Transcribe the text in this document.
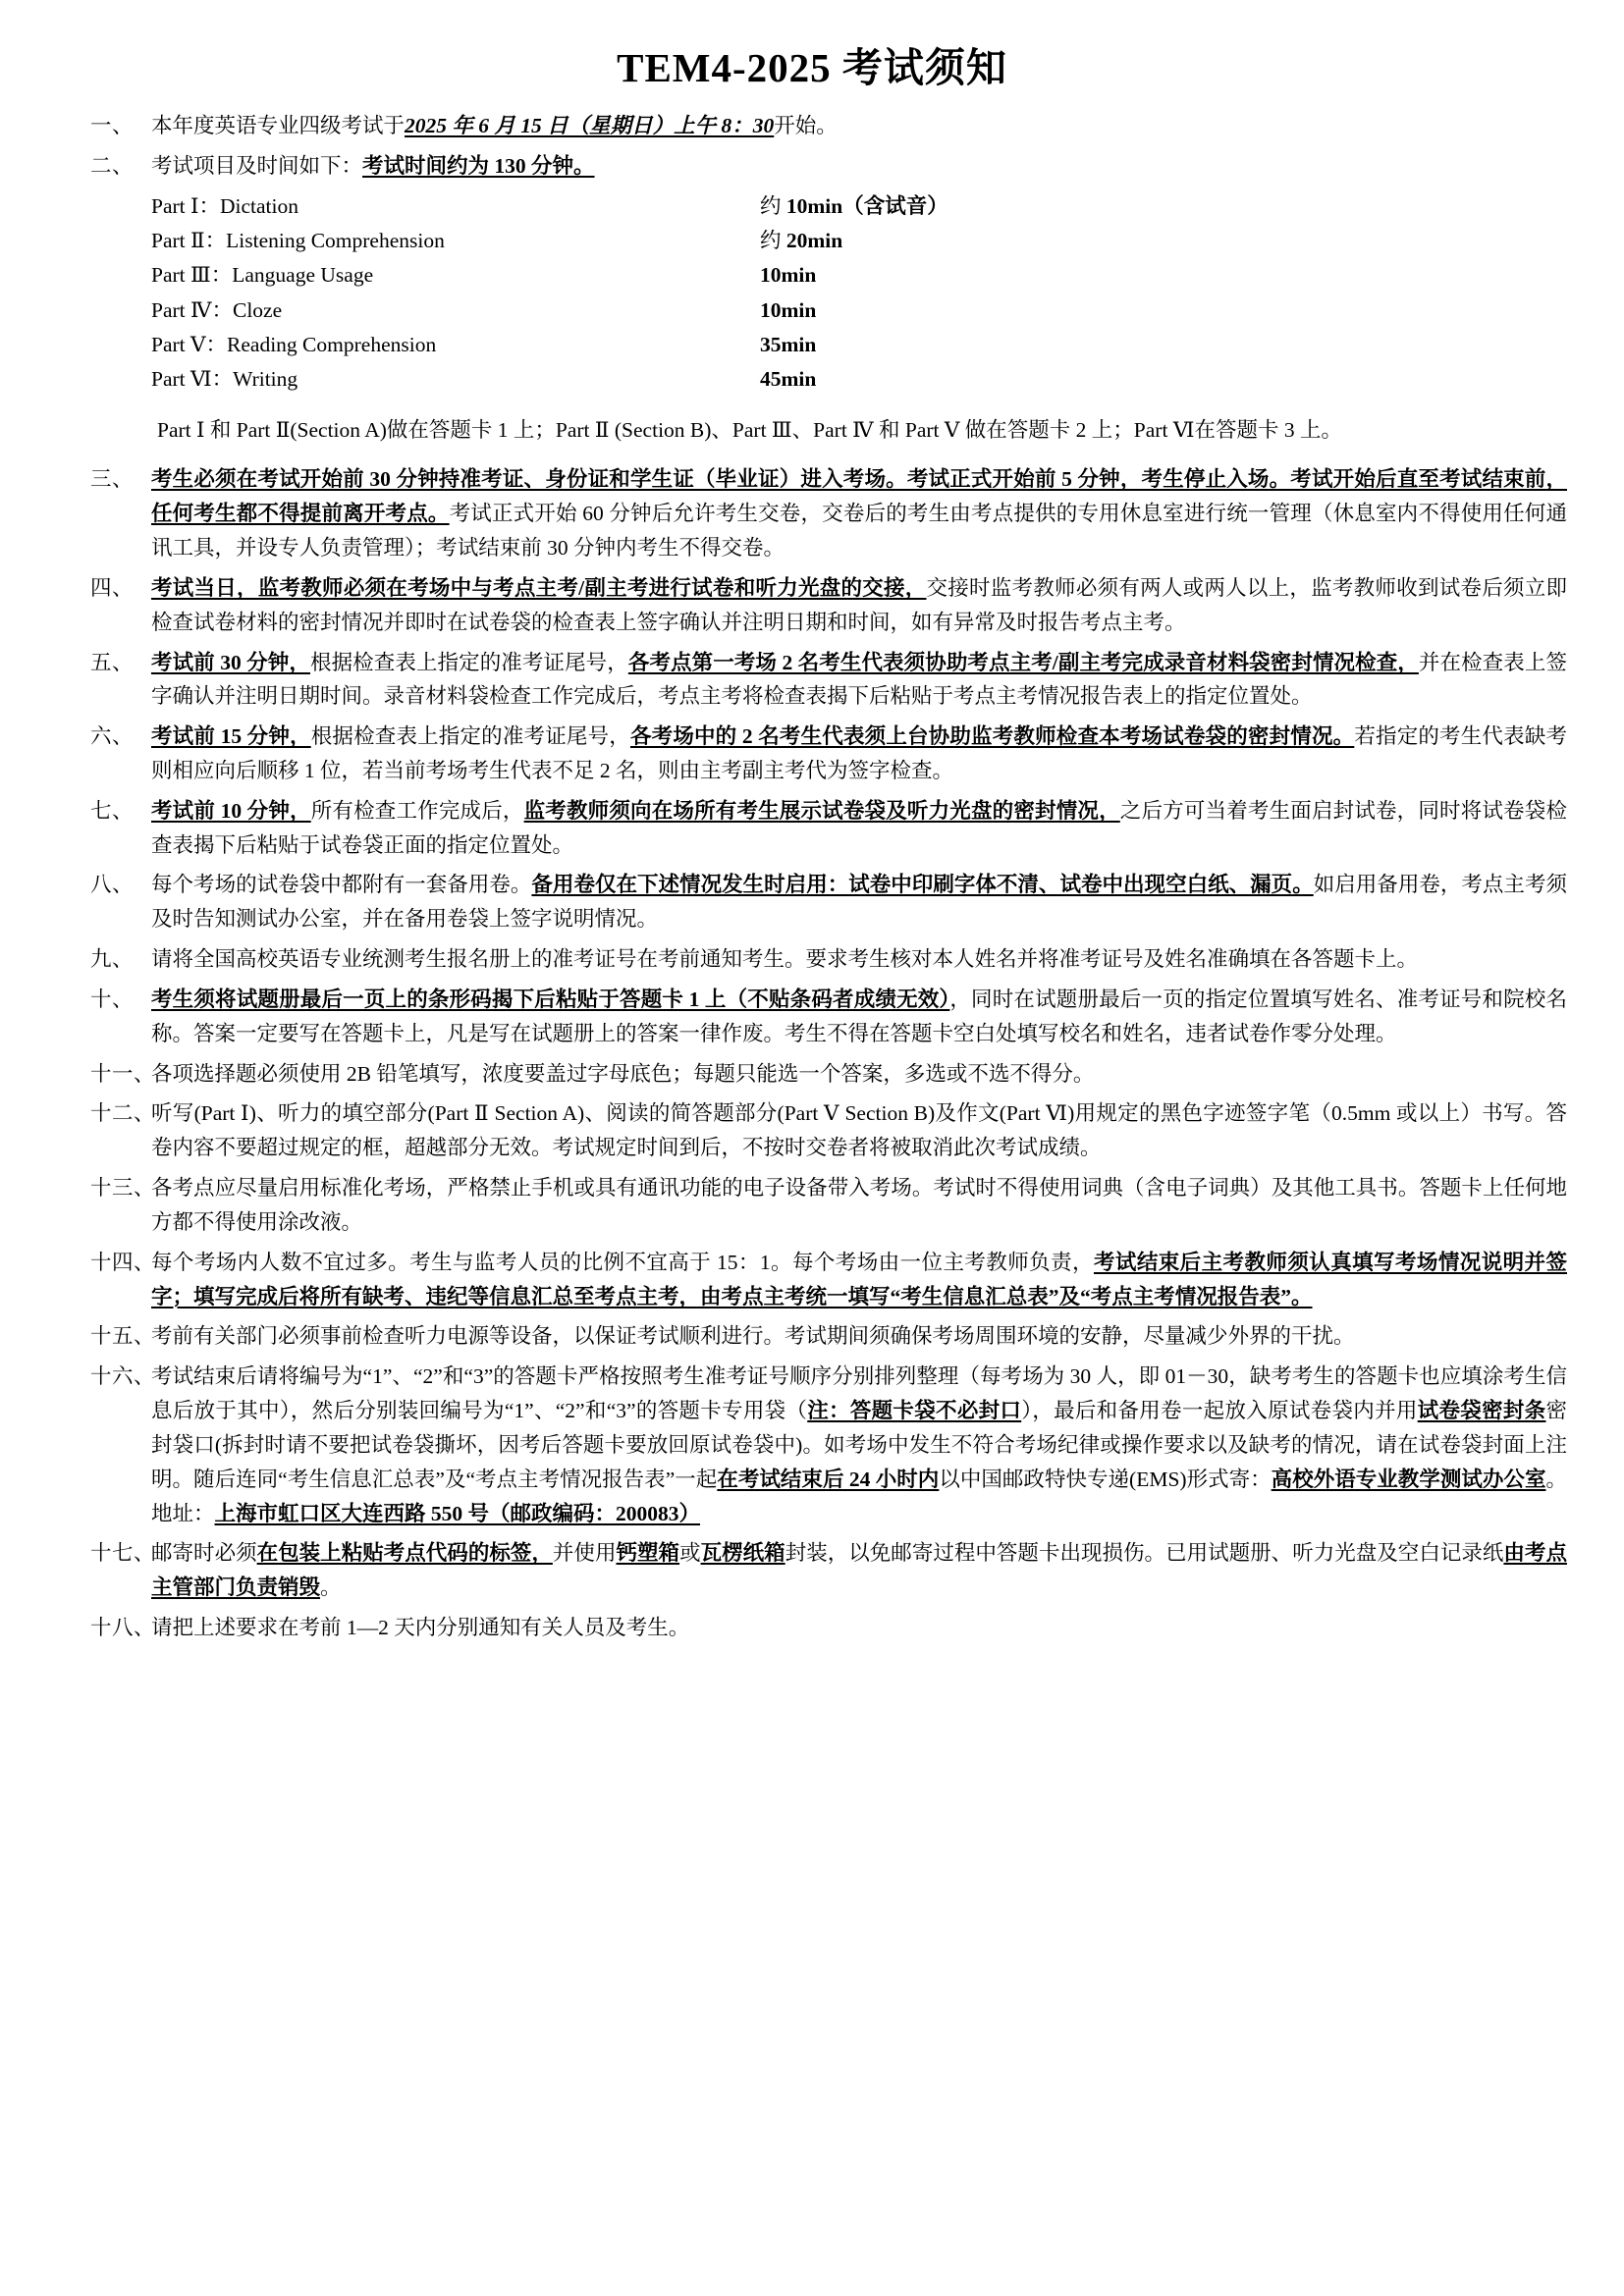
TEM4-2025 考试须知
一、 本年度英语专业四级考试于2025 年 6 月 15 日（星期日）上午 8：30开始。
二、 考试项目及时间如下：考试时间约为 130 分钟。
Part Ⅰ：Dictation	约 10min（含试音）
Part Ⅱ：Listening Comprehension	约 20min
Part Ⅲ：Language Usage	10min
Part Ⅳ：Cloze	10min
Part Ⅴ：Reading Comprehension	35min
Part Ⅵ：Writing	45min
Part Ⅰ 和 Part Ⅱ(Section A)做在答题卡 1 上；Part Ⅱ (Section B)、Part Ⅲ、Part Ⅳ 和 Part Ⅴ 做在答题卡 2 上；Part Ⅵ在答题卡 3 上。
三、 考生必须在考试开始前 30 分钟持准考证、身份证和学生证（毕业证）进入考场。考试正式开始前 5 分钟，考生停止入场。考试开始后直至考试结束前，任何考生都不得提前离开考点。考试正式开始 60 分钟后允许考生交卷，交卷后的考生由考点提供的专用休息室进行统一管理（休息室内不得使用任何通讯工具，并设专人负责管理）；考试结束前 30 分钟内考生不得交卷。
四、 考试当日，监考教师必须在考场中与考点主考/副主考进行试卷和听力光盘的交接，交接时监考教师必须有两人或两人以上，监考教师收到试卷后须立即检查试卷材料的密封情况并即时在试卷袋的检查表上签字确认并注明日期和时间，如有异常及时报告考点主考。
五、 考试前 30 分钟，根据检查表上指定的准考证尾号，各考点第一考场 2 名考生代表须协助考点主考/副主考完成录音材料袋密封情况检查，并在检查表上签字确认并注明日期时间。录音材料袋检查工作完成后，考点主考将检查表揭下后粘贴于考点主考情况报告表上的指定位置处。
六、 考试前 15 分钟，根据检查表上指定的准考证尾号，各考场中的 2 名考生代表须上台协助监考教师检查本考场试卷袋的密封情况。若指定的考生代表缺考则相应向后顺移 1 位，若当前考场考生代表不足 2 名，则由主考副主考代为签字检查。
七、 考试前 10 分钟，所有检查工作完成后，监考教师须向在场所有考生展示试卷袋及听力光盘的密封情况，之后方可当着考生面启封试卷，同时将试卷袋检查表揭下后粘贴于试卷袋正面的指定位置处。
八、 每个考场的试卷袋中都附有一套备用卷。备用卷仅在下述情况发生时启用：试卷中印刷字体不清、试卷中出现空白纸、漏页。如启用备用卷，考点主考须及时告知测试办公室，并在备用卷袋上签字说明情况。
九、 请将全国高校英语专业统测考生报名册上的准考证号在考前通知考生。要求考生核对本人姓名并将准考证号及姓名准确填在各答题卡上。
十、 考生须将试题册最后一页上的条形码揭下后粘贴于答题卡 1 上（不贴条码者成绩无效），同时在试题册最后一页的指定位置填写姓名、准考证号和院校名称。答案一定要写在答题卡上，凡是写在试题册上的答案一律作废。考生不得在答题卡空白处填写校名和姓名，违者试卷作零分处理。
十一、
各项选择题必须使用 2B 铅笔填写，浓度要盖过字母底色；每题只能选一个答案，多选或不选不得分。
十二、
听写(Part Ⅰ)、听力的填空部分(Part Ⅱ Section A)、阅读的简答题部分(Part Ⅴ Section B)及作文(Part Ⅵ)用规定的黑色字迹签字笔（0.5mm 或以上）书写。答卷内容不要超过规定的框，超越部分无效。考试规定时间到后，不按时交卷者将被取消此次考试成绩。
十三、
各考点应尽量启用标准化考场，严格禁止手机或具有通讯功能的电子设备带入考场。考试时不得使用词典（含电子词典）及其他工具书。答题卡上任何地方都不得使用涂改液。
十四、
每个考场内人数不宜过多。考生与监考人员的比例不宜高于 15：1。每个考场由一位主考教师负责，考试结束后主考教师须认真填写考场情况说明并签字；填写完成后将所有缺考、违纪等信息汇总至考点主考，由考点主考统一填写“考生信息汇总表”及“考点主考情况报告表”。
十五、
考前有关部门必须事前检查听力电源等设备，以保证考试顺利进行。考试期间须确保考场周围环境的安静，尽量减少外界的干扰。
十六、
考试结束后请将编号为“1”、“2”和“3”的答题卡严格按照考生准考证号顺序分别排列整理（每考场为 30 人，即 01－30，缺考考生的答题卡也应填涂考生信息后放于其中），然后分别装回编号为“1”、“2”和“3”的答题卡专用袋（注：答题卡袋不必封口），最后和备用卷一起放入原试卷袋内并用试卷袋密封条密封袋口(拆封时请不要把试卷袋撕坏，因考后答题卡要放回原试卷袋中)。如考场中发生不符合考场纪律或操作要求以及缺考的情况，请在试卷袋封面上注明。随后连同“考生信息汇总表”及“考点主考情况报告表”一起在考试结束后 24 小时内以中国邮政特快专递(EMS)形式寄：高校外语专业教学测试办公室。地址：上海市虹口区大连西路 550 号（邮政编码：200083）
十七、
邮寄时必须在包装上粘贴考点代码的标签，并使用钙塑箱或瓦楞纸箱封装，以免邮寄过程中答题卡出现损伤。已用试题册、听力光盘及空白记录纸由考点主管部门负责销毁。
十八、
请把上述要求在考前 1—2 天内分别通知有关人员及考生。
